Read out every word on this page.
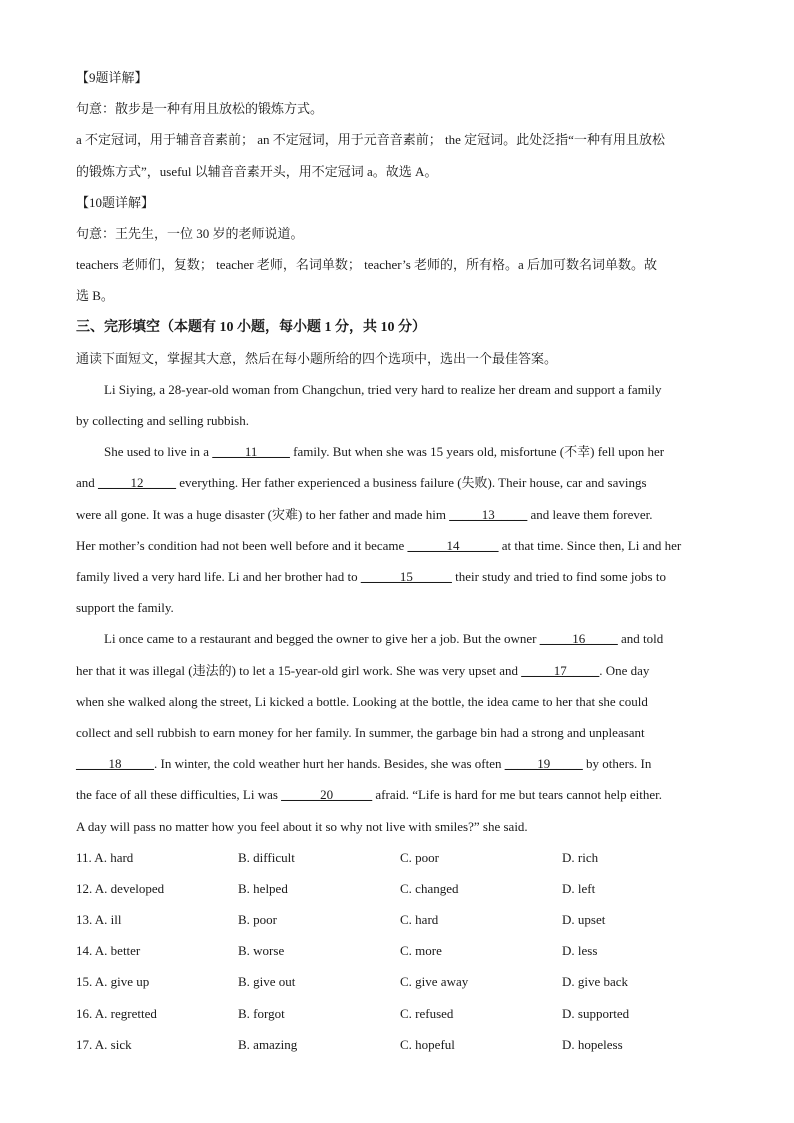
【9题详解】
句意：散步是一种有用且放松的锻炼方式。
a 不定冠词，用于辅音音素前； an 不定冠词，用于元音音素前； the 定冠词。此处泛指“一种有用且放松
的锻炼方式”，useful 以辅音音素开头，用不定冠词 a。故选 A。
【10题详解】
句意：王先生，一位 30 岁的老师说道。
teachers 老师们，复数； teacher 老师，名词单数； teacher’s 老师的，所有格。a 后加可数名词单数。故
选 B。
三、完形填空（本题有 10 小题，每小题 1 分，共 10 分）
通读下面短文，掌握其大意，然后在每小题所给的四个选项中，选出一个最佳答案。
Li Siying, a 28-year-old woman from Changchun, tried very hard to realize her dream and support a family
by collecting and selling rubbish.
She used to live in a _____11_____ family. But when she was 15 years old, misfortune (不幸) fell upon her
and _____12_____ everything. Her father experienced a business failure (失败). Their house, car and savings
were all gone. It was a huge disaster (灾难) to her father and made him _____13_____ and leave them forever.
Her mother’s condition had not been well before and it became ______14______ at that time. Since then, Li and her
family lived a very hard life. Li and her brother had to ______15______ their study and tried to find some jobs to
support the family.
Li once came to a restaurant and begged the owner to give her a job. But the owner _____16_____ and told
her that it was illegal (违法的) to let a 15-year-old girl work. She was very upset and _____17_____. One day
when she walked along the street, Li kicked a bottle. Looking at the bottle, the idea came to her that she could
collect and sell rubbish to earn money for her family. In summer, the garbage bin had a strong and unpleasant
_____18_____. In winter, the cold weather hurt her hands. Besides, she was often _____19_____ by others. In
the face of all these difficulties, Li was ______20______ afraid. “Life is hard for me but tears cannot help either.
A day will pass no matter how you feel about it so why not live with smiles?” she said.
11. A. hard	B. difficult	C. poor	D. rich
12. A. developed	B. helped	C. changed	D. left
13. A. ill	B. poor	C. hard	D. upset
14. A. better	B. worse	C. more	D. less
15. A. give up	B. give out	C. give away	D. give back
16. A. regretted	B. forgot	C. refused	D. supported
17. A. sick	B. amazing	C. hopeful	D. hopeless
